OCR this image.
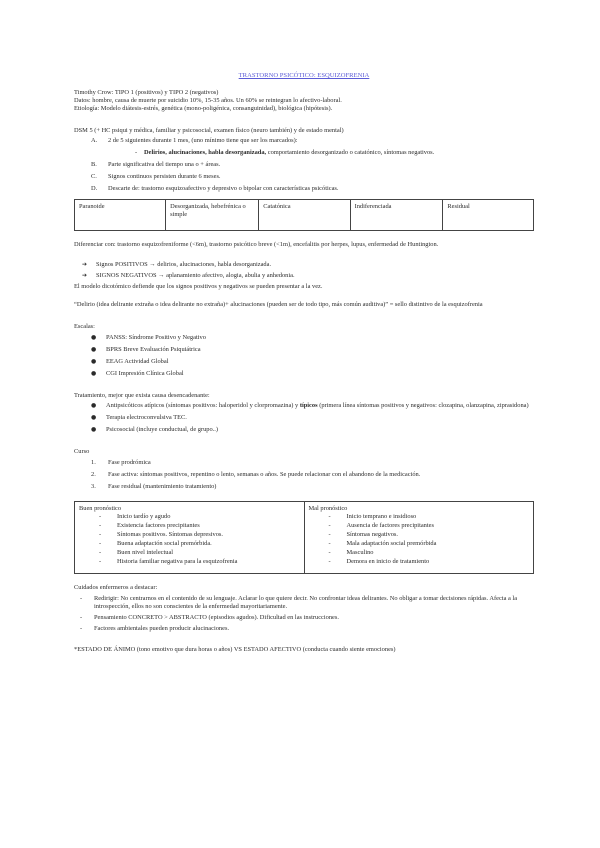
TRASTORNO PSICÓTICO: ESQUIZOFRENIA

Timothy Crow: TIPO 1 (positivos) y TIPO 2 (negativos)

Datos: hombre, causa de muerte por suicidio 10%, 15-35 años. Un 60% se reintegran lo afectivo-laboral.

Etiología: Modelo diátesis-estrés, genética (mono-poligénica, consanguinidad), biológica (hipótesis).

DSM 5 (+ HC psiqui y médica, familiar y psicosocial, examen físico (neuro también) y de estado mental)

A. 2 de 5 siguientes durante 1 mes, (uno mínimo tiene que ser los marcados):
- Delirios, alucinaciones, habla desorganizada, comportamiento desorganizado o catatónico, síntomas negativos.
B. Parte significativa del tiempo una o + áreas.
C. Signos continuos persisten durante 6 meses.
D. Descarte de: trastorno esquizoafectivo y depresivo o bipolar con características psicóticas.
Paranoide	Desorganizada, hebefrénica o simple	Catatónica	Indiferenciada	Residual

Diferenciar con: trastorno esquizofreniforme (<6m), trastorno psicótico breve (<1m), encefalitis por herpes, lupus, enfermedad de Huntington.

➔ Signos POSITIVOS → delirios, alucinaciones, habla desorganizada.
➔ SIGNOS NEGATIVOS → aplanamiento afectivo, alogia, abulia y anhedonia.

El modelo dicotómico defiende que los signos positivos y negativos se pueden presentar a la vez.

“Delirio (idea delirante extraña o idea delirante no extraña)+ alucinaciones (pueden ser de todo tipo, más común auditiva)” = sello distintivo de la esquizofrenia

Escalas:

● PANSS: Síndrome Positivo y Negativo
● BPRS Breve Evaluación Psiquiátrica
● EEAG Actividad Global
● CGI Impresión Clínica Global

Tratamiento, mejor que exista causa desencadenante:

● Antipsicóticos atípicos (síntomas positivos: haloperidol y clorpromazina) y típicos (primera línea síntomas positivos y negativos: clozapina, olanzapina, ziprasidona)
● Terapia electroconvulsiva TEC.
● Psicosocial (incluye conductual, de grupo..)

Curso

1. Fase prodrómica
2. Fase activa: síntomas positivos, repentino o lento, semanas o años. Se puede relacionar con el abandono de la medicación.
3. Fase residual (mantenimiento tratamiento)

Buen pronóstico

- Inicio tardío y agudo
- Existencia factores precipitantes
- Síntomas positivos. Síntomas depresivos.
- Buena adaptación social premórbida.
- Buen nivel intelectual
- Historia familiar negativa para la esquizofrenia

Mal pronóstico

- Inicio temprano e insidioso
- Ausencia de factores precipitantes
- Síntomas negativos.
- Mala adaptación social premórbida
- Masculino
- Demora en inicio de tratamiento

Cuidados enfermeros a destacar:

- Redirigir: No centrarnos en el contenido de su lenguaje. Aclarar lo que quiere decir. No confrontar ideas delirantes. No obligar a tomar decisiones rápidas. Afecta a la introspección, ellos no son conscientes de la enfermedad mayoritariamente.
- Pensamiento CONCRETO > ABSTRACTO (episodios agudos). Dificultad en las instrucciones.
- Factores ambientales pueden producir alucinaciones.

*ESTADO DE ÁNIMO (tono emotivo que dura horas o años) VS ESTADO AFECTIVO (conducta cuando siente emociones)
